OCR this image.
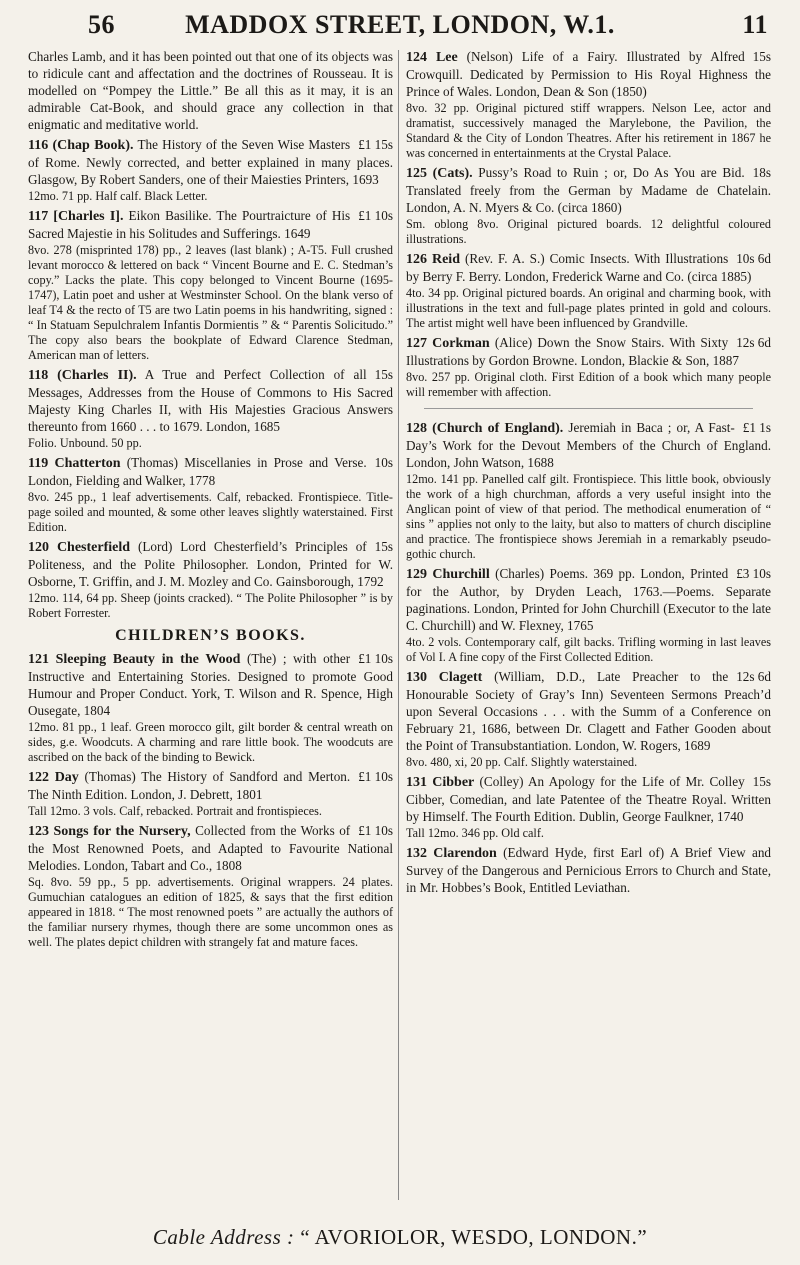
56	MADDOX STREET, LONDON, W.1.	11
Charles Lamb, and it has been pointed out that one of its objects was to ridicule cant and affectation and the doctrines of Rousseau. It is modelled on “Pompey the Little.” Be all this as it may, it is an admirable Cat-Book, and should grace any collection in that enigmatic and meditative world.
£1 15s
116 (Chap Book). The History of the Seven Wise Masters of Rome. Newly corrected, and better explained in many places. Glasgow, By Robert Sanders, one of their Maiesties Printers, 1693
12mo. 71 pp. Half calf. Black Letter.
£1 10s
117 [Charles I]. Eikon Basilike. The Pourtraicture of His Sacred Majestie in his Solitudes and Sufferings. 1649
8vo. 278 (misprinted 178) pp., 2 leaves (last blank) ; A-T5. Full crushed levant morocco & lettered on back “ Vincent Bourne and E. C. Stedman’s copy.” Lacks the plate. This copy belonged to Vincent Bourne (1695-1747), Latin poet and usher at Westminster School. On the blank verso of leaf T4 & the recto of T5 are two Latin poems in his handwriting, signed : “ In Statuam Sepulchralem Infantis Dormientis ” & “ Parentis Solicitudo.” The copy also bears the bookplate of Edward Clarence Stedman, American man of letters.
15s
118 (Charles II). A True and Perfect Collection of all Messages, Addresses from the House of Commons to His Sacred Majesty King Charles II, with His Majesties Gracious Answers thereunto from 1660 . . . to 1679. London, 1685
Folio. Unbound. 50 pp.
10s
119 Chatterton (Thomas) Miscellanies in Prose and Verse. London, Fielding and Walker, 1778
8vo. 245 pp., 1 leaf advertisements. Calf, rebacked. Frontispiece. Title-page soiled and mounted, & some other leaves slightly waterstained. First Edition.
15s
120 Chesterfield (Lord) Lord Chesterfield’s Principles of Politeness, and the Polite Philosopher. London, Printed for W. Osborne, T. Griffin, and J. M. Mozley and Co. Gainsborough, 1792
12mo. 114, 64 pp. Sheep (joints cracked). “ The Polite Philosopher ” is by Robert Forrester.
CHILDREN’S BOOKS.
£1 10s
121 Sleeping Beauty in the Wood (The) ; with other Instructive and Entertaining Stories. Designed to promote Good Humour and Proper Conduct. York, T. Wilson and R. Spence, High Ousegate, 1804
12mo. 81 pp., 1 leaf. Green morocco gilt, gilt border & central wreath on sides, g.e. Woodcuts. A charming and rare little book. The woodcuts are ascribed on the back of the binding to Bewick.
£1 10s
122 Day (Thomas) The History of Sandford and Merton. The Ninth Edition. London, J. Debrett, 1801
Tall 12mo. 3 vols. Calf, rebacked. Portrait and frontispieces.
£1 10s
123 Songs for the Nursery, Collected from the Works of the Most Renowned Poets, and Adapted to Favourite National Melodies. London, Tabart and Co., 1808
Sq. 8vo. 59 pp., 5 pp. advertisements. Original wrappers. 24 plates. Gumuchian catalogues an edition of 1825, & says that the first edition appeared in 1818. “ The most renowned poets ” are actually the authors of the familiar nursery rhymes, though there are some uncommon ones as well. The plates depict children with strangely fat and mature faces.
15s
124 Lee (Nelson) Life of a Fairy. Illustrated by Alfred Crowquill. Dedicated by Permission to His Royal Highness the Prince of Wales. London, Dean & Son (1850)
8vo. 32 pp. Original pictured stiff wrappers. Nelson Lee, actor and dramatist, successively managed the Marylebone, the Pavilion, the Standard & the City of London Theatres. After his retirement in 1867 he was concerned in entertainments at the Crystal Palace.
18s
125 (Cats). Pussy’s Road to Ruin ; or, Do As You are Bid. Translated freely from the German by Madame de Chatelain. London, A. N. Myers & Co. (circa 1860)
Sm. oblong 8vo. Original pictured boards. 12 delightful coloured illustrations.
10s 6d
126 Reid (Rev. F. A. S.) Comic Insects. With Illustrations by Berry F. Berry. London, Frederick Warne and Co. (circa 1885)
4to. 34 pp. Original pictured boards. An original and charming book, with illustrations in the text and full-page plates printed in gold and colours. The artist might well have been influenced by Grandville.
12s 6d
127 Corkman (Alice) Down the Snow Stairs. With Sixty Illustrations by Gordon Browne. London, Blackie & Son, 1887
8vo. 257 pp. Original cloth. First Edition of a book which many people will remember with affection.
£1 1s
128 (Church of England). Jeremiah in Baca ; or, A Fast-Day’s Work for the Devout Members of the Church of England. London, John Watson, 1688
12mo. 141 pp. Panelled calf gilt. Frontispiece. This little book, obviously the work of a high churchman, affords a very useful insight into the Anglican point of view of that period. The methodical enumeration of “ sins ” applies not only to the laity, but also to matters of church discipline and practice. The frontispiece shows Jeremiah in a remarkably pseudo-gothic church.
£3 10s
129 Churchill (Charles) Poems. 369 pp. London, Printed for the Author, by Dryden Leach, 1763.—Poems. Separate paginations. London, Printed for John Churchill (Executor to the late C. Churchill) and W. Flexney, 1765
4to. 2 vols. Contemporary calf, gilt backs. Trifling worming in last leaves of Vol I. A fine copy of the First Collected Edition.
12s 6d
130 Clagett (William, D.D., Late Preacher to the Honourable Society of Gray’s Inn) Seventeen Sermons Preach’d upon Several Occasions . . . with the Summ of a Conference on February 21, 1686, between Dr. Clagett and Father Gooden about the Point of Transubstantiation. London, W. Rogers, 1689
8vo. 480, xi, 20 pp. Calf. Slightly waterstained.
15s
131 Cibber (Colley) An Apology for the Life of Mr. Colley Cibber, Comedian, and late Patentee of the Theatre Royal. Written by Himself. The Fourth Edition. Dublin, George Faulkner, 1740
Tall 12mo. 346 pp. Old calf.
132 Clarendon (Edward Hyde, first Earl of) A Brief View and Survey of the Dangerous and Pernicious Errors to Church and State, in Mr. Hobbes’s Book, Entitled Leviathan.
Cable Address :
“ AVORIOLOR, WESDO, LONDON.”
